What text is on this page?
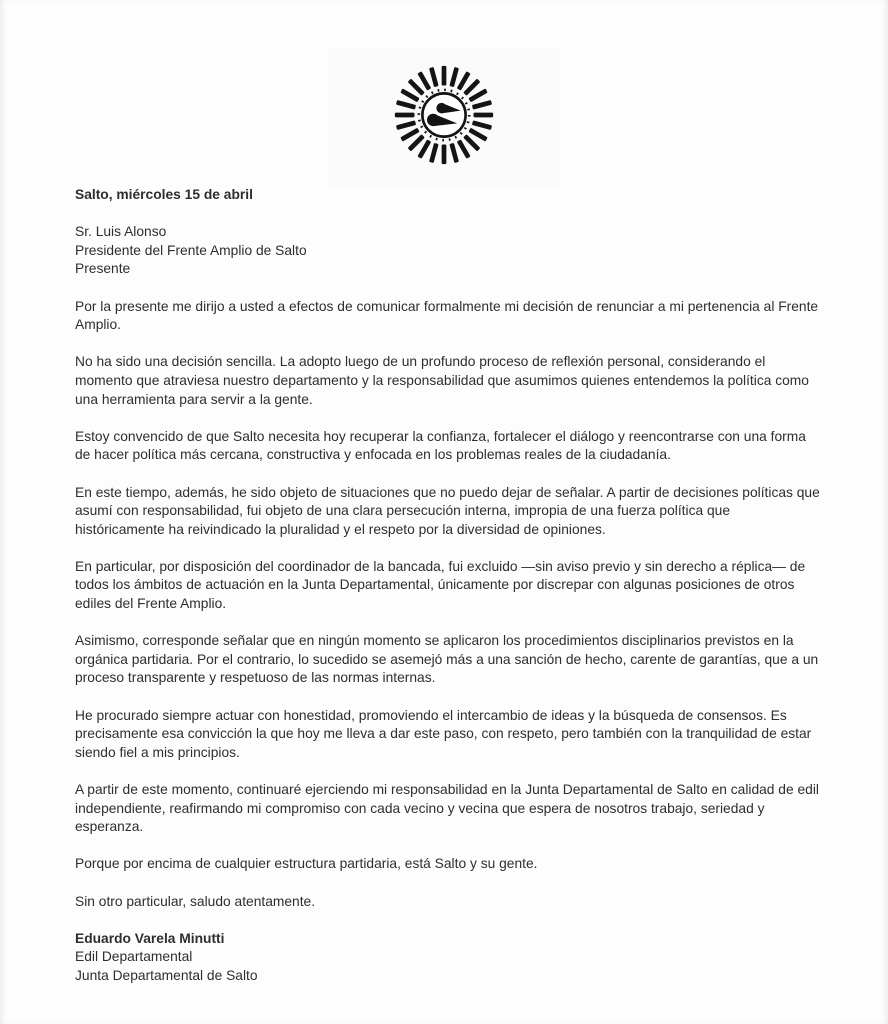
Salto, miércoles 15 de abril

Sr. Luis Alonso
Presidente del Frente Amplio de Salto
Presente

Por la presente me dirijo a usted a efectos de comunicar formalmente mi decisión de renunciar a mi pertenencia al Frente Amplio.

No ha sido una decisión sencilla. La adopto luego de un profundo proceso de reflexión personal, considerando el momento que atraviesa nuestro departamento y la responsabilidad que asumimos quienes entendemos la política como una herramienta para servir a la gente.

Estoy convencido de que Salto necesita hoy recuperar la confianza, fortalecer el diálogo y reencontrarse con una forma de hacer política más cercana, constructiva y enfocada en los problemas reales de la ciudadanía.

En este tiempo, además, he sido objeto de situaciones que no puedo dejar de señalar. A partir de decisiones políticas que asumí con responsabilidad, fui objeto de una clara persecución interna, impropia de una fuerza política que históricamente ha reivindicado la pluralidad y el respeto por la diversidad de opiniones.

En particular, por disposición del coordinador de la bancada, fui excluido —sin aviso previo y sin derecho a réplica— de todos los ámbitos de actuación en la Junta Departamental, únicamente por discrepar con algunas posiciones de otros ediles del Frente Amplio.

Asimismo, corresponde señalar que en ningún momento se aplicaron los procedimientos disciplinarios previstos en la orgánica partidaria. Por el contrario, lo sucedido se asemejó más a una sanción de hecho, carente de garantías, que a un proceso transparente y respetuoso de las normas internas.

He procurado siempre actuar con honestidad, promoviendo el intercambio de ideas y la búsqueda de consensos. Es precisamente esa convicción la que hoy me lleva a dar este paso, con respeto, pero también con la tranquilidad de estar siendo fiel a mis principios.

A partir de este momento, continuaré ejerciendo mi responsabilidad en la Junta Departamental de Salto en calidad de edil independiente, reafirmando mi compromiso con cada vecino y vecina que espera de nosotros trabajo, seriedad y esperanza.

Porque por encima de cualquier estructura partidaria, está Salto y su gente.

Sin otro particular, saludo atentamente.

Eduardo Varela Minutti
Edil Departamental
Junta Departamental de Salto
